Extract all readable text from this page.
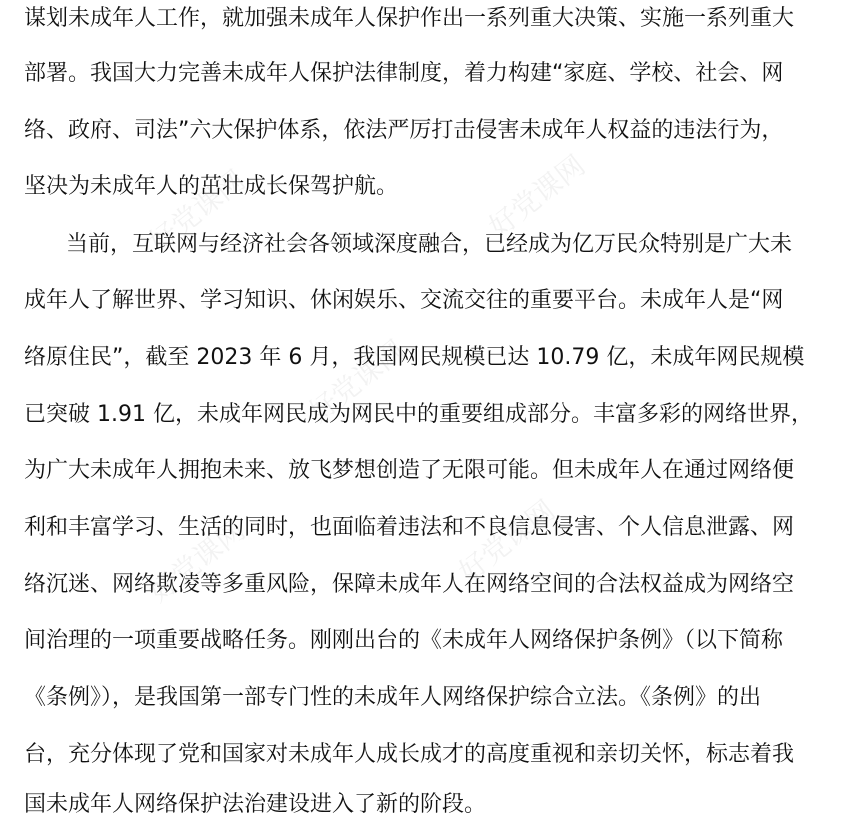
好党课网	好党课网
好党课网
好党课网	好党课网
谋划未成年人工作，就加强未成年人保护作出一系列重大决策、实施一系列重大
部署。我国大力完善未成年人保护法律制度，着力构建“家庭、学校、社会、网
络、政府、司法”六大保护体系，依法严厉打击侵害未成年人权益的违法行为，
坚决为未成年人的茁壮成长保驾护航。
当前，互联网与经济社会各领域深度融合，已经成为亿万民众特别是广大未
成年人了解世界、学习知识、休闲娱乐、交流交往的重要平台。未成年人是“网
络原住民”，截至 2023 年 6 月，我国网民规模已达 10.79 亿，未成年网民规模
已突破 1.91 亿，未成年网民成为网民中的重要组成部分。丰富多彩的网络世界，
为广大未成年人拥抱未来、放飞梦想创造了无限可能。但未成年人在通过网络便
利和丰富学习、生活的同时，也面临着违法和不良信息侵害、个人信息泄露、网
络沉迷、网络欺凌等多重风险，保障未成年人在网络空间的合法权益成为网络空
间治理的一项重要战略任务。刚刚出台的《未成年人网络保护条例》（以下简称
《条例》），是我国第一部专门性的未成年人网络保护综合立法。《条例》的出
台，充分体现了党和国家对未成年人成长成才的高度重视和亲切关怀，标志着我
国未成年人网络保护法治建设进入了新的阶段。
